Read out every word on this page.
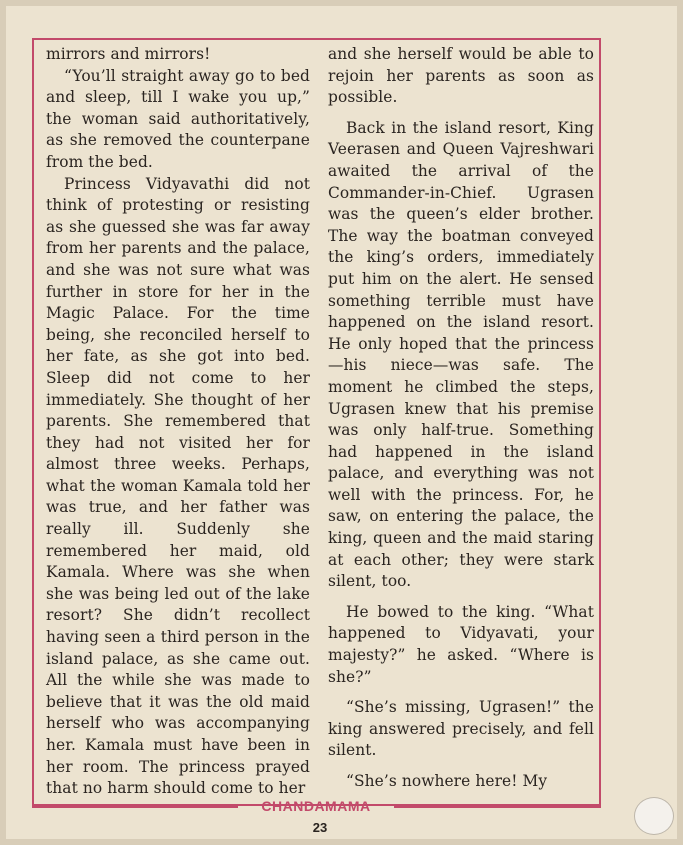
mirrors and mirrors!

“You’ll straight away go to bed and sleep, till I wake you up,” the woman said authoritatively, as she removed the counterpane from the bed.

Princess Vidyavathi did not think of protesting or resisting as she guessed she was far away from her parents and the palace, and she was not sure what was further in store for her in the Magic Palace. For the time being, she reconciled herself to her fate, as she got into bed. Sleep did not come to her immediately. She thought of her parents. She remembered that they had not visited her for almost three weeks. Perhaps, what the woman Kamala told her was true, and her father was really ill. Suddenly she remembered her maid, old Kamala. Where was she when she was being led out of the lake resort? She didn’t recollect having seen a third person in the island palace, as she came out. All the while she was made to believe that it was the old maid herself who was accompanying her. Kamala must have been in her room. The princess prayed that no harm should come to her

and she herself would be able to rejoin her parents as soon as possible.

Back in the island resort, King Veerasen and Queen Vajreshwari awaited the arrival of the Commander-in-Chief. Ugrasen was the queen’s elder brother. The way the boatman conveyed the king’s orders, immediately put him on the alert. He sensed something terrible must have happened on the island resort. He only hoped that the princess—his niece—was safe. The moment he climbed the steps, Ugrasen knew that his premise was only half-true. Something had happened in the island palace, and everything was not well with the princess. For, he saw, on entering the palace, the king, queen and the maid staring at each other; they were stark silent, too.

He bowed to the king. “What happened to Vidyavati, your majesty?” he asked. “Where is she?”

“She’s missing, Ugrasen!” the king answered precisely, and fell silent.

“She’s nowhere here! My

CHANDAMAMA
23
